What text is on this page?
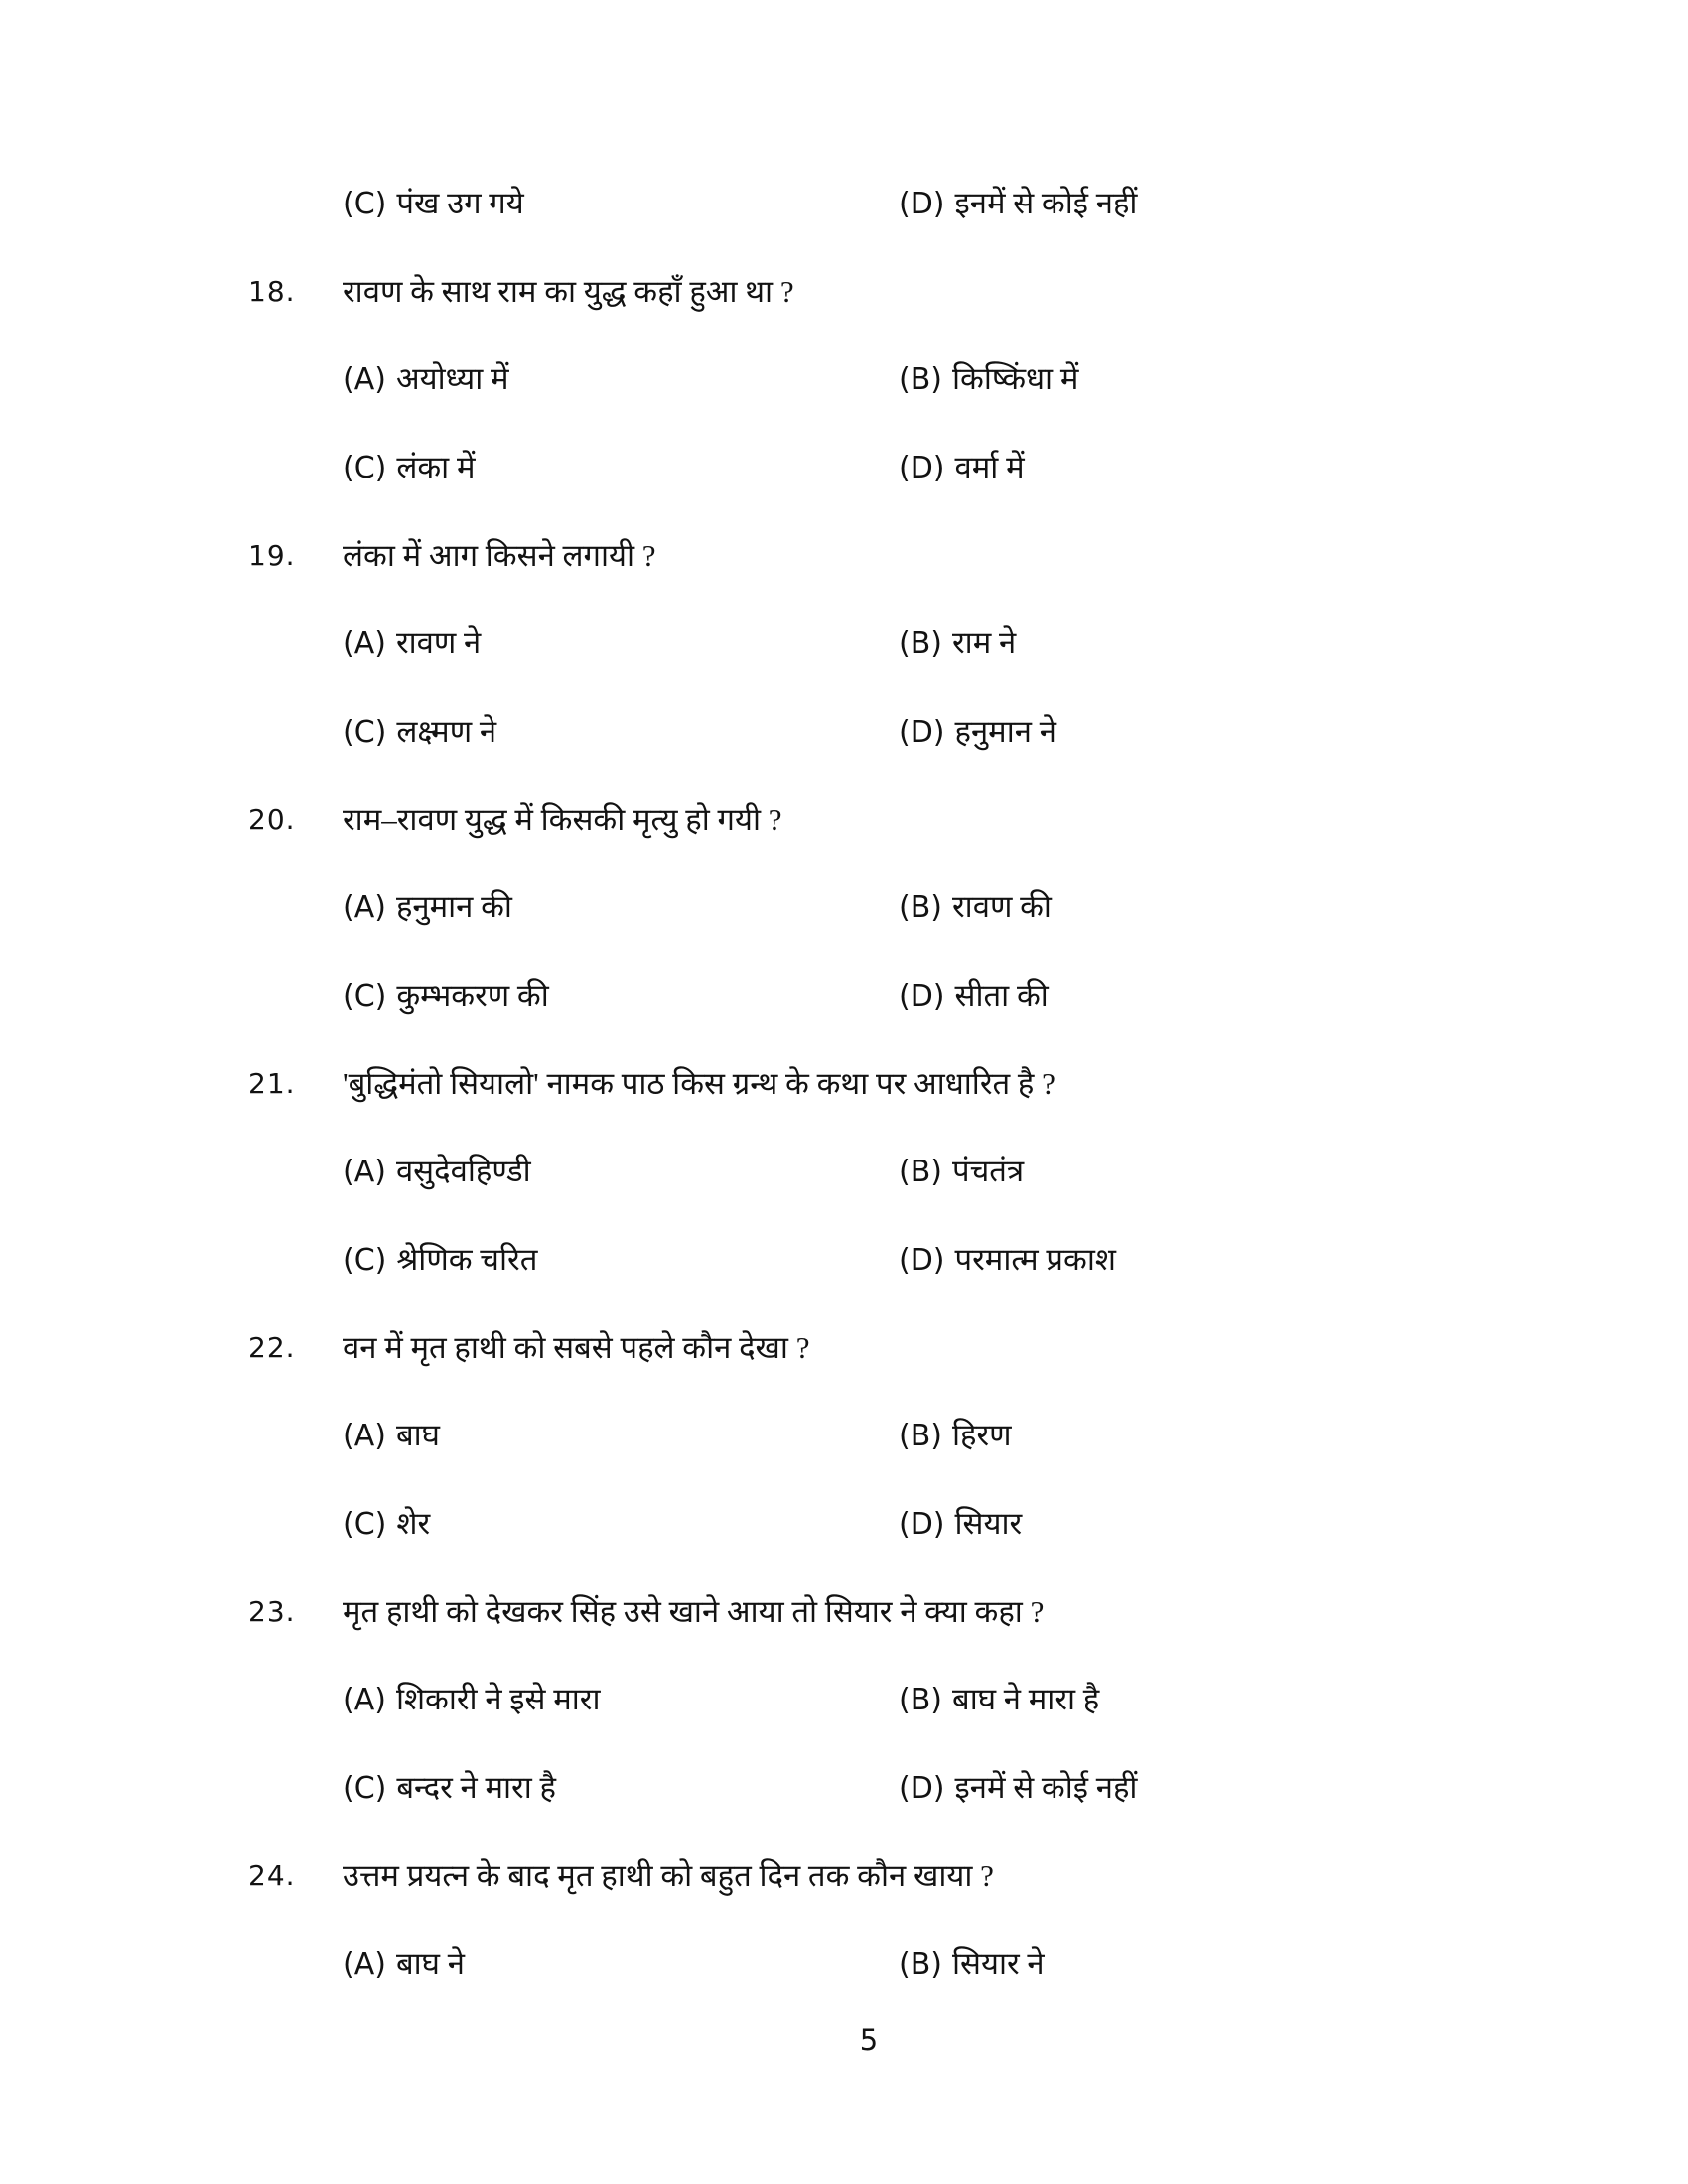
(C) पंख उग गये	(D) इनमें से कोई नहीं
18.	रावण के साथ राम का युद्ध कहाँ हुआ था ?
(A) अयोध्या में	(B) किष्किंधा में
(C) लंका में	(D) वर्मा में
19.	लंका में आग किसने लगायी ?
(A) रावण ने	(B) राम ने
(C) लक्ष्मण ने	(D) हनुमान ने
20.	राम–रावण युद्ध में किसकी मृत्यु हो गयी ?
(A) हनुमान की	(B) रावण की
(C) कुम्भकरण की	(D) सीता की
21.	'बुद्धिमंतो सियालो' नामक पाठ किस ग्रन्थ के कथा पर आधारित है ?
(A) वसुदेवहिण्डी	(B) पंचतंत्र
(C) श्रेणिक चरित	(D) परमात्म प्रकाश
22.	वन में मृत हाथी को सबसे पहले कौन देखा ?
(A) बाघ	(B) हिरण
(C) शेर	(D) सियार
23.	मृत हाथी को देखकर सिंह उसे खाने आया तो सियार ने क्या कहा ?
(A) शिकारी ने इसे मारा	(B) बाघ ने मारा है
(C) बन्दर ने मारा है	(D) इनमें से कोई नहीं
24.	उत्तम प्रयत्न के बाद मृत हाथी को बहुत दिन तक कौन खाया ?
(A) बाघ ने	(B) सियार ने
5
